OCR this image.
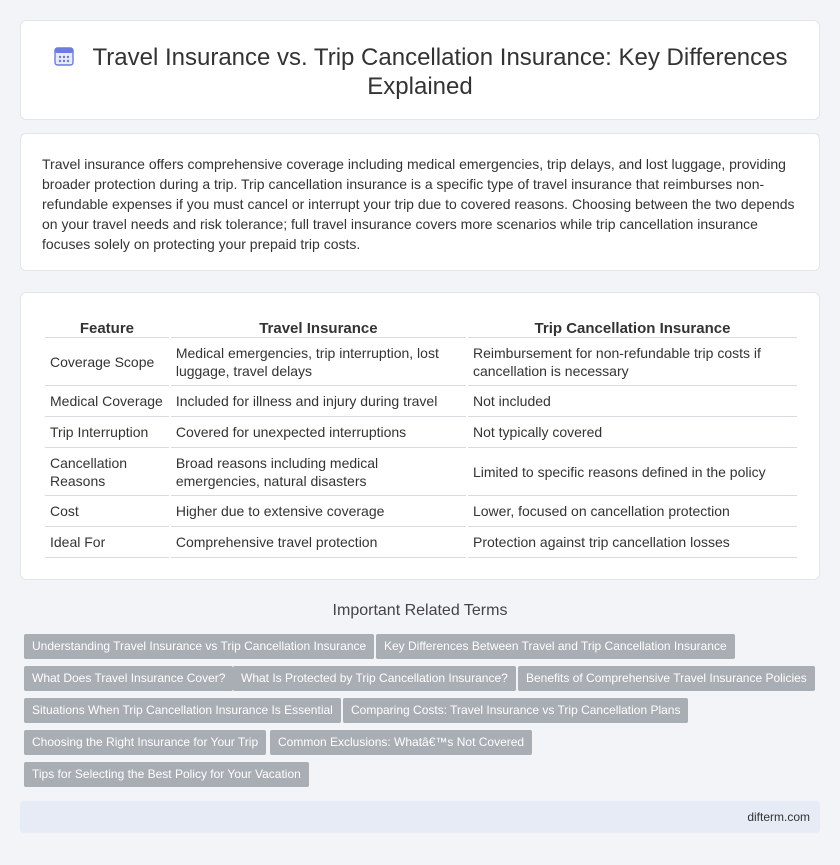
Travel Insurance vs. Trip Cancellation Insurance: Key Differences Explained

Travel insurance offers comprehensive coverage including medical emergencies, trip delays, and lost luggage, providing broader protection during a trip. Trip cancellation insurance is a specific type of travel insurance that reimburses non-refundable expenses if you must cancel or interrupt your trip due to covered reasons. Choosing between the two depends on your travel needs and risk tolerance; full travel insurance covers more scenarios while trip cancellation insurance focuses solely on protecting your prepaid trip costs.

Feature	Travel Insurance	Trip Cancellation Insurance
Coverage Scope	Medical emergencies, trip interruption, lost luggage, travel delays	Reimbursement for non-refundable trip costs if cancellation is necessary
Medical Coverage	Included for illness and injury during travel	Not included
Trip Interruption	Covered for unexpected interruptions	Not typically covered
Cancellation Reasons	Broad reasons including medical emergencies, natural disasters	Limited to specific reasons defined in the policy
Cost	Higher due to extensive coverage	Lower, focused on cancellation protection
Ideal For	Comprehensive travel protection	Protection against trip cancellation losses
Important Related Terms
Understanding Travel Insurance vs Trip Cancellation Insurance	Key Differences Between Travel and Trip Cancellation Insurance
What Does Travel Insurance Cover?	What Is Protected by Trip Cancellation Insurance?	Benefits of Comprehensive Travel Insurance Policies
Situations When Trip Cancellation Insurance Is Essential	Comparing Costs: Travel Insurance vs Trip Cancellation Plans
Choosing the Right Insurance for Your Trip	Common Exclusions: Whatâ€™s Not Covered
Tips for Selecting the Best Policy for Your Vacation
difterm.com
